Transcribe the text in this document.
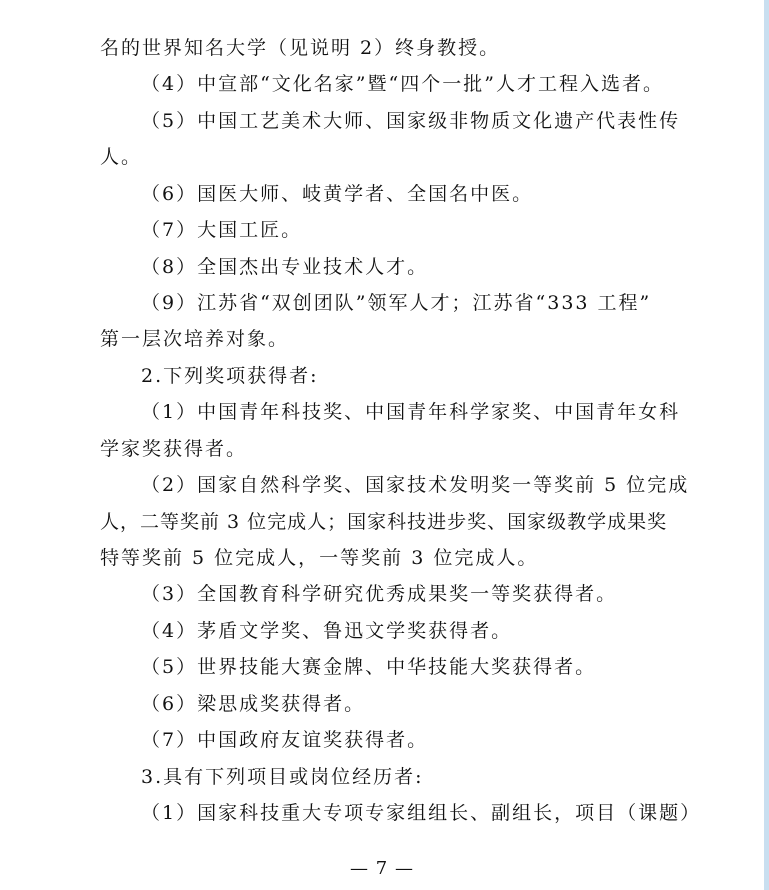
名的世界知名大学（见说明 2）终身教授。
（4）中宣部“文化名家”暨“四个一批”人才工程入选者。
（5）中国工艺美术大师、国家级非物质文化遗产代表性传
人。
（6）国医大师、岐黄学者、全国名中医。
（7）大国工匠。
（8）全国杰出专业技术人才。
（9）江苏省“双创团队”领军人才；江苏省“333 工程”
第一层次培养对象。
2.下列奖项获得者:
（1）中国青年科技奖、中国青年科学家奖、中国青年女科
学家奖获得者。
（2）国家自然科学奖、国家技术发明奖一等奖前 5 位完成
人，二等奖前 3 位完成人；国家科技进步奖、国家级教学成果奖
特等奖前 5 位完成人，一等奖前 3 位完成人。
（3）全国教育科学研究优秀成果奖一等奖获得者。
（4）茅盾文学奖、鲁迅文学奖获得者。
（5）世界技能大赛金牌、中华技能大奖获得者。
（6）梁思成奖获得者。
（7）中国政府友谊奖获得者。
3.具有下列项目或岗位经历者:
（1）国家科技重大专项专家组组长、副组长，项目（课题）
— 7 —
